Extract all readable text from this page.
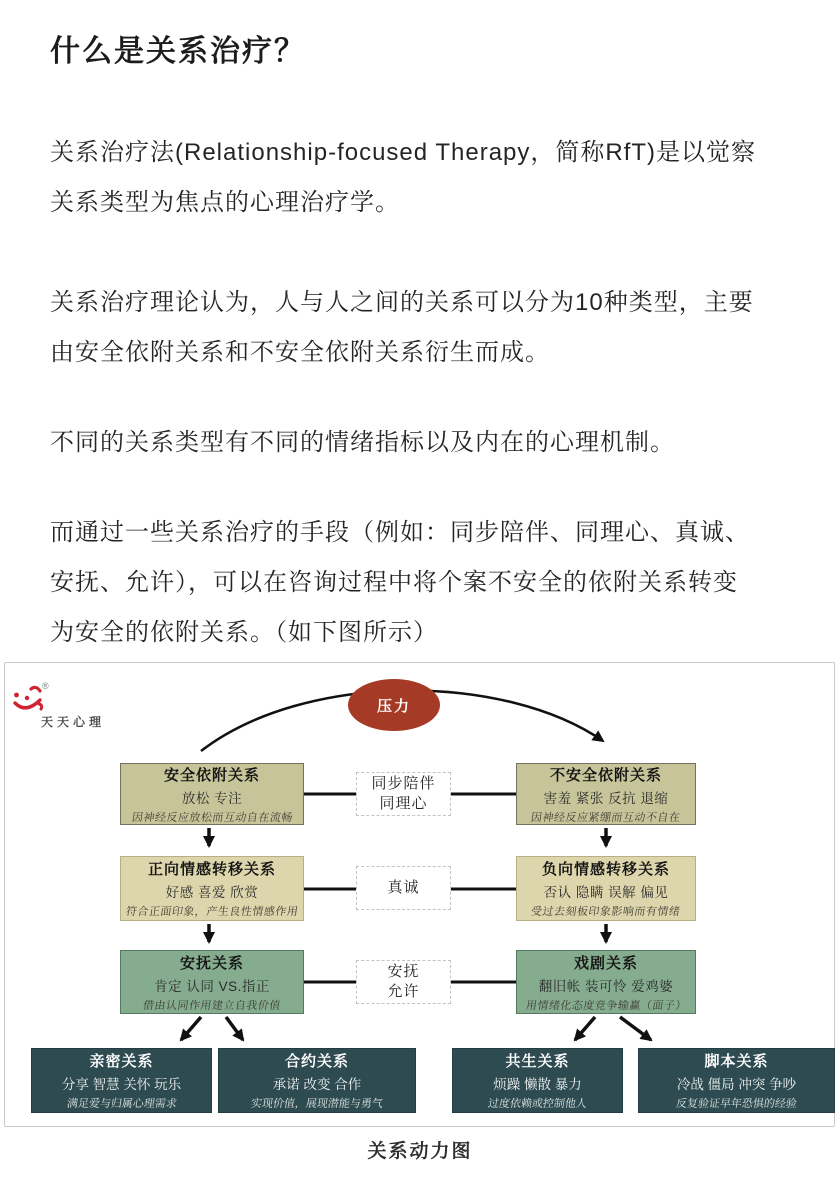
什么是关系治疗？

关系治疗法(Relationship-focused Therapy，简称RfT)是以觉察关系类型为焦点的心理治疗学。

关系治疗理论认为，人与人之间的关系可以分为10种类型，主要由安全依附关系和不安全依附关系衍生而成。

不同的关系类型有不同的情绪指标以及内在的心理机制。

而通过一些关系治疗的手段（例如：同步陪伴、同理心、真诚、安抚、允许），可以在咨询过程中将个案不安全的依附关系转变为安全的依附关系。（如下图所示）

®
天天心理
压力
安全依附关系
放松 专注
因神经反应放松而互动自在流畅
同步陪伴
同理心
不安全依附关系
害羞 紧张 反抗 退缩
因神经反应紧绷而互动不自在
正向情感转移关系
好感 喜爱 欣赏
符合正面印象，产生良性情感作用
真诚
负向情感转移关系
否认 隐瞒 误解 偏见
受过去刻板印象影响而有情绪
安抚关系
肯定 认同 VS.指正
借由认同作用建立自我价值
安抚
允许
戏剧关系
翻旧帐 装可怜 爱鸡婆
用情绪化态度竞争输赢（面子）
亲密关系
分享 智慧 关怀 玩乐
满足爱与归属心理需求
合约关系
承诺 改变 合作
实现价值，展现潜能与勇气
共生关系
烦躁 懒散 暴力
过度依赖或控制他人
脚本关系
冷战 僵局 冲突 争吵
反复验证早年恐惧的经验
关系动力图
